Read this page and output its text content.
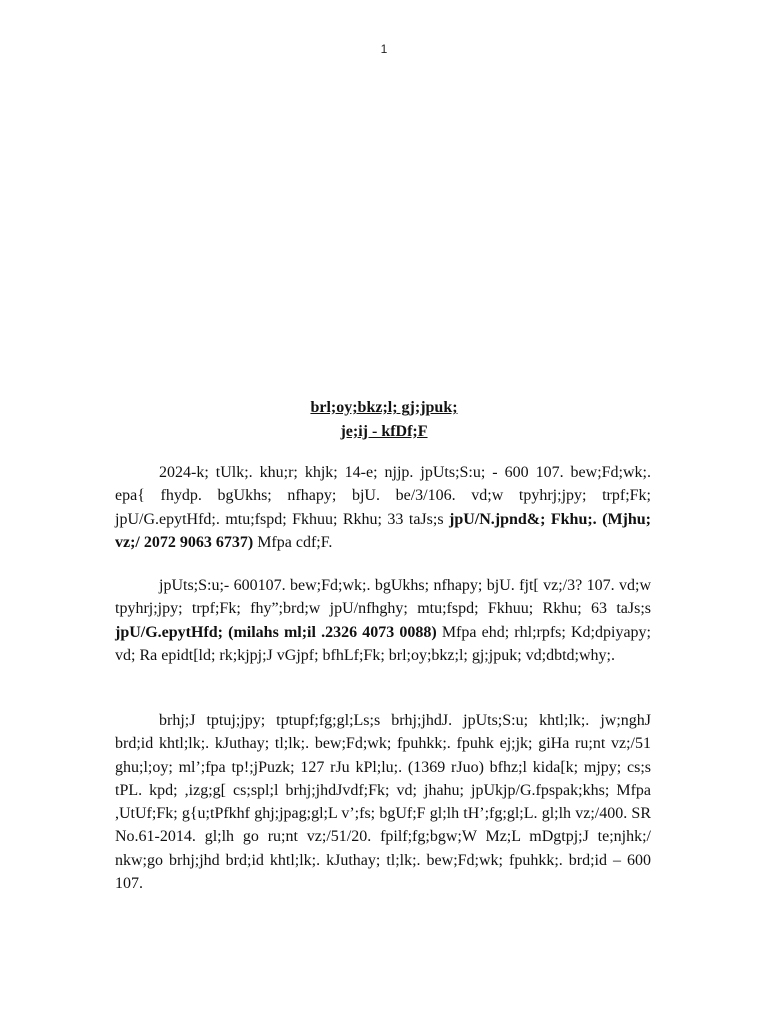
1
brl;oy;bkz;l; gj;jpuk;
je;ij - kfDf;F

2024-k; tUlk;. khu;r; khjk; 14-e; njjp. jpUts;S:u; - 600 107. bew;Fd;wk;. epa{ fhydp. bgUkhs; nfhapy; bjU. be/3/106. vd;w tpyhrj;jpy; trpf;Fk; jpU/G.epytHfd;. mtu;fspd; Fkhuu; Rkhu; 33 taJs;s jpU/N.jpnd&; Fkhu;. (Mjhu; vz;/ 2072 9063 6737) Mfpa cdf;F.

jpUts;S:u;- 600107. bew;Fd;wk;. bgUkhs; nfhapy; bjU. fjt[ vz;/3? 107. vd;w tpyhrj;jpy; trpf;Fk; fhy”;brd;w jpU/nfhghy; mtu;fspd; Fkhuu; Rkhu; 63 taJs;s jpU/G.epytHfd; (milahs ml;il .2326 4073 0088) Mfpa ehd; rhl;rpfs; Kd;dpiyapy; vd; Ra epidt[ld; rk;kjpj;J vGjpf; bfhLf;Fk; brl;oy;bkz;l; gj;jpuk; vd;dbtd;why;.

brhj;J tptuj;jpy; tptupf;fg;gl;Ls;s brhj;jhdJ. jpUts;S:u; khtl;lk;. jw;nghJ brd;id khtl;lk;. kJuthay; tl;lk;. bew;Fd;wk; fpuhkk;. fpuhk ej;jk; giHa ru;nt vz;/51 ghu;l;oy; ml’;fpa tp!;jPuzk; 127 rJu kPl;lu;. (1369 rJuo) bfhz;l kida[k; mjpy; cs;s tPL. kpd; ,izg;g[ cs;spl;l brhj;jhdJvdf;Fk; vd; jhahu; jpUkjp/G.fpspak;khs; Mfpa ,UtUf;Fk; g{u;tPfkhf ghj;jpag;gl;L v’;fs; bgUf;F gl;lh tH’;fg;gl;L. gl;lh vz;/400. SR No.61-2014. gl;lh go ru;nt vz;/51/20. fpilf;fg;bgw;W Mz;L mDgtpj;J te;njhk;/ nkw;go brhj;jhd brd;id khtl;lk;. kJuthay; tl;lk;. bew;Fd;wk; fpuhkk;. brd;id – 600 107.
